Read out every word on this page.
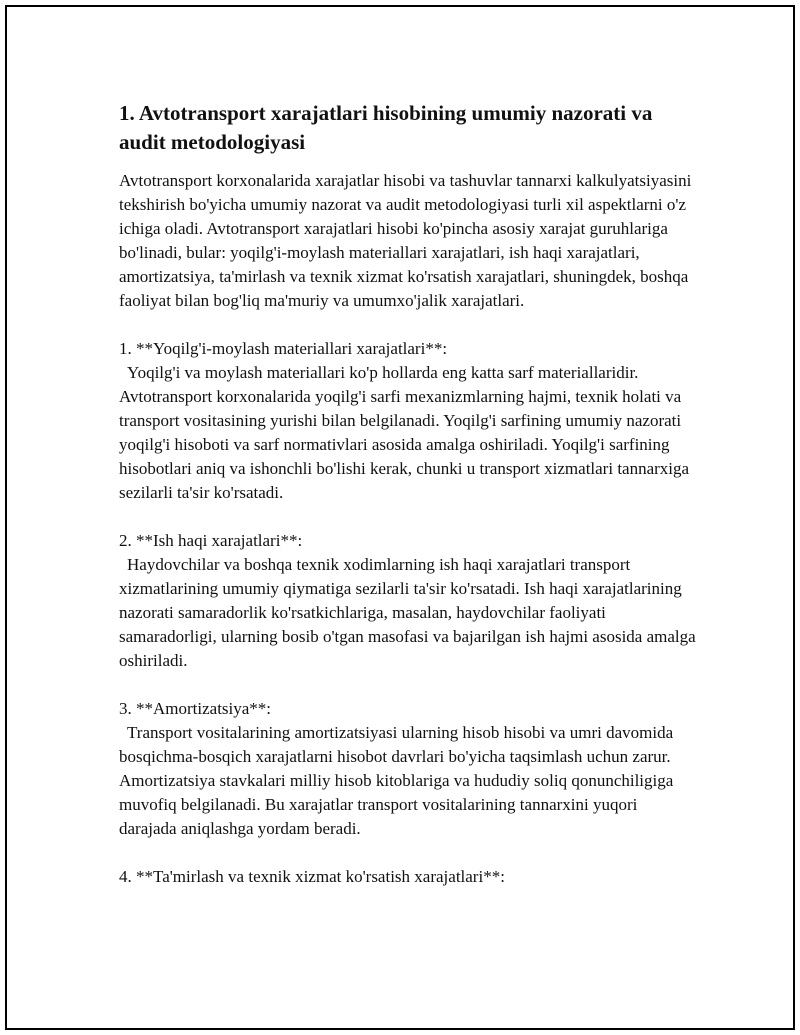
1. Avtotransport xarajatlari hisobining umumiy nazorati va audit metodologiyasi

Avtotransport korxonalarida xarajatlar hisobi va tashuvlar tannarxi kalkulyatsiyasini tekshirish bo'yicha umumiy nazorat va audit metodologiyasi turli xil aspektlarni o'z ichiga oladi. Avtotransport xarajatlari hisobi ko'pincha asosiy xarajat guruhlariga bo'linadi, bular: yoqilg'i-moylash materiallari xarajatlari, ish haqi xarajatlari, amortizatsiya, ta'mirlash va texnik xizmat ko'rsatish xarajatlari, shuningdek, boshqa faoliyat bilan bog'liq ma'muriy va umumxo'jalik xarajatlari.

1. **Yoqilg'i-moylash materiallari xarajatlari**:

Yoqilg'i va moylash materiallari ko'p hollarda eng katta sarf materiallaridir. Avtotransport korxonalarida yoqilg'i sarfi mexanizmlarning hajmi, texnik holati va transport vositasining yurishi bilan belgilanadi. Yoqilg'i sarfining umumiy nazorati yoqilg'i hisoboti va sarf normativlari asosida amalga oshiriladi. Yoqilg'i sarfining hisobotlari aniq va ishonchli bo'lishi kerak, chunki u transport xizmatlari tannarxiga sezilarli ta'sir ko'rsatadi.

2. **Ish haqi xarajatlari**:

Haydovchilar va boshqa texnik xodimlarning ish haqi xarajatlari transport xizmatlarining umumiy qiymatiga sezilarli ta'sir ko'rsatadi. Ish haqi xarajatlarining nazorati samaradorlik ko'rsatkichlariga, masalan, haydovchilar faoliyati samaradorligi, ularning bosib o'tgan masofasi va bajarilgan ish hajmi asosida amalga oshiriladi.

3. **Amortizatsiya**:

Transport vositalarining amortizatsiyasi ularning hisob hisobi va umri davomida bosqichma-bosqich xarajatlarni hisobot davrlari bo'yicha taqsimlash uchun zarur. Amortizatsiya stavkalari milliy hisob kitoblariga va hududiy soliq qonunchiligiga muvofiq belgilanadi. Bu xarajatlar transport vositalarining tannarxini yuqori darajada aniqlashga yordam beradi.

4. **Ta'mirlash va texnik xizmat ko'rsatish xarajatlari**:
